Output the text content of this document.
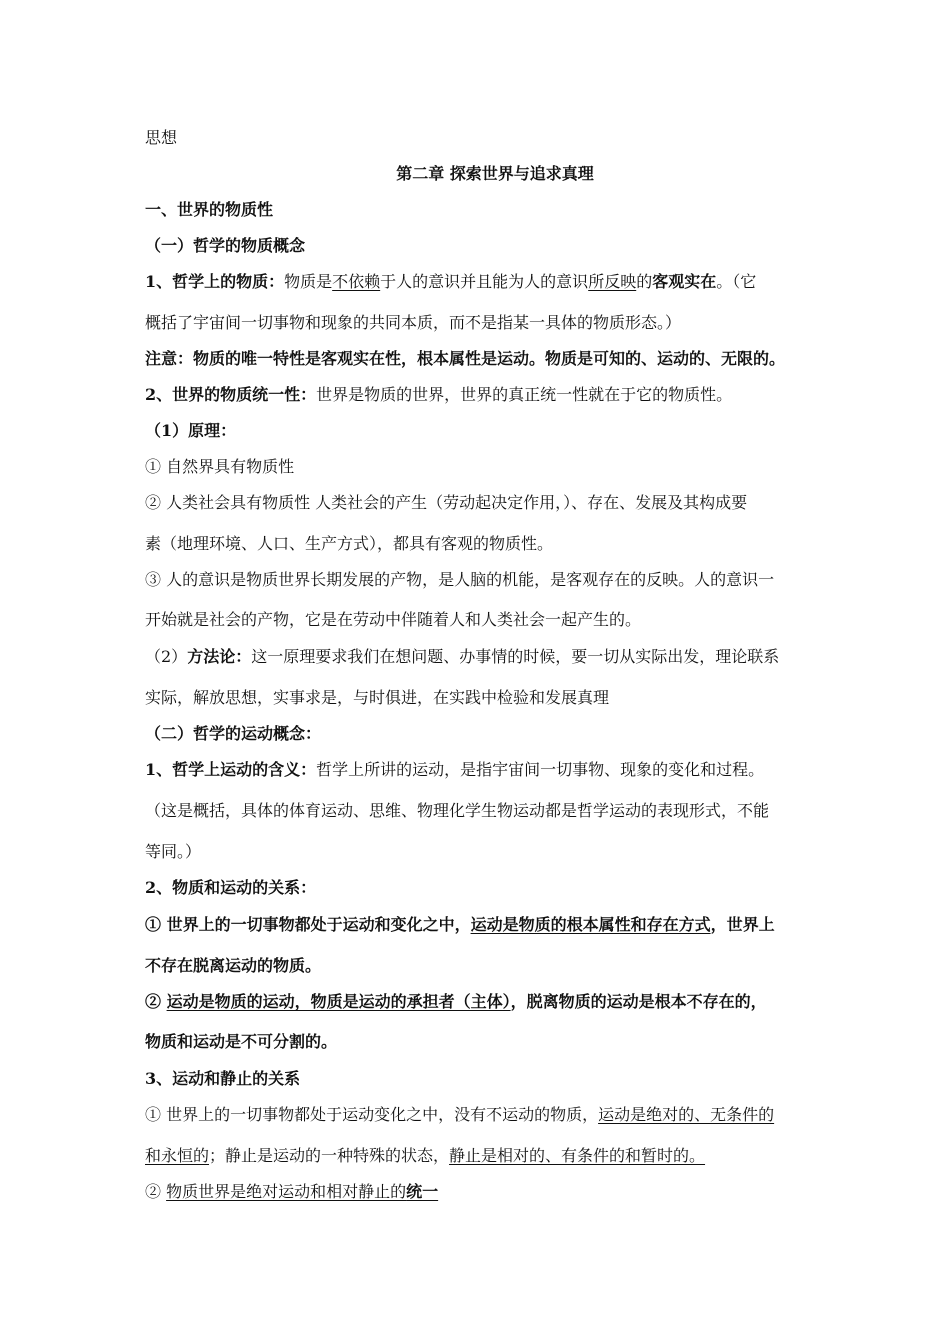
思想
第二章 探索世界与追求真理
一、世界的物质性
（一）哲学的物质概念
1、哲学上的物质：物质是不依赖于人的意识并且能为人的意识所反映的客观实在。（它
概括了宇宙间一切事物和现象的共同本质，而不是指某一具体的物质形态。）
注意：物质的唯一特性是客观实在性，根本属性是运动。物质是可知的、运动的、无限的。
2、世界的物质统一性：世界是物质的世界，世界的真正统一性就在于它的物质性。
（1）原理：
① 自然界具有物质性
② 人类社会具有物质性 人类社会的产生（劳动起决定作用，）、存在、发展及其构成要
素（地理环境、人口、生产方式），都具有客观的物质性。
③ 人的意识是物质世界长期发展的产物，是人脑的机能，是客观存在的反映。人的意识一
开始就是社会的产物，它是在劳动中伴随着人和人类社会一起产生的。
（2）方法论：这一原理要求我们在想问题、办事情的时候，要一切从实际出发，理论联系
实际，解放思想，实事求是，与时俱进，在实践中检验和发展真理
（二）哲学的运动概念：
1、哲学上运动的含义：哲学上所讲的运动，是指宇宙间一切事物、现象的变化和过程。
（这是概括，具体的体育运动、思维、物理化学生物运动都是哲学运动的表现形式，不能
等同。）
2、物质和运动的关系：
① 世界上的一切事物都处于运动和变化之中，运动是物质的根本属性和存在方式，世界上
不存在脱离运动的物质。
② 运动是物质的运动，物质是运动的承担者（主体），脱离物质的运动是根本不存在的，
物质和运动是不可分割的。
3、运动和静止的关系
① 世界上的一切事物都处于运动变化之中，没有不运动的物质，运动是绝对的、无条件的
和永恒的；静止是运动的一种特殊的状态，静止是相对的、有条件的和暂时的。
② 物质世界是绝对运动和相对静止的统一
